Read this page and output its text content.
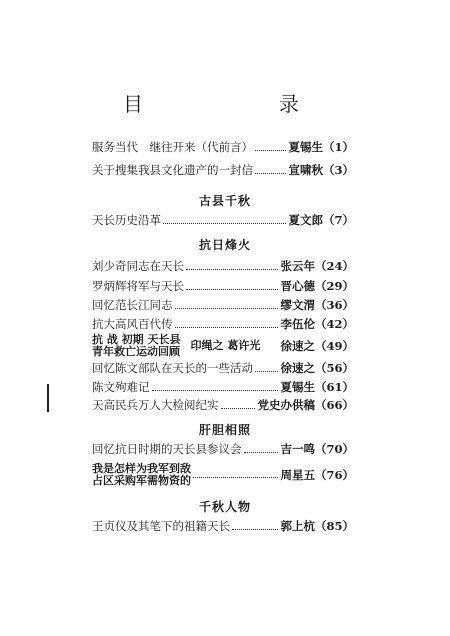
目　录
服务当代　继往开来（代前言）	夏锡生（1）
关于搜集我县文化遗产的一封信	宣啸秋（3）
古县千秋
天长历史沿革	夏文郎（7）
抗日烽火
刘少奇同志在天长	张云年（24）
罗炳辉将军与天长	晋心德（29）
回忆范长江同志	缪文渭（36）
抗大高风百代传	李伍伦（42）
抗 战 初期 天长县
青年救亡运动回顾 印绳之 葛许光 徐速之（49）
回忆陈文部队在天长的一些活动 徐速之（56）
陈文殉难记	夏锡生（61）
天高民兵万人大检阅纪实	党史办供稿（66）
肝胆相照
回忆抗日时期的天长县参议会	吉一鸣（70）
我是怎样为我军到敌
占区采购军需物资的	周星五（76）
千秋人物
王贞仪及其笔下的祖籍天长	郭上杭（85）
